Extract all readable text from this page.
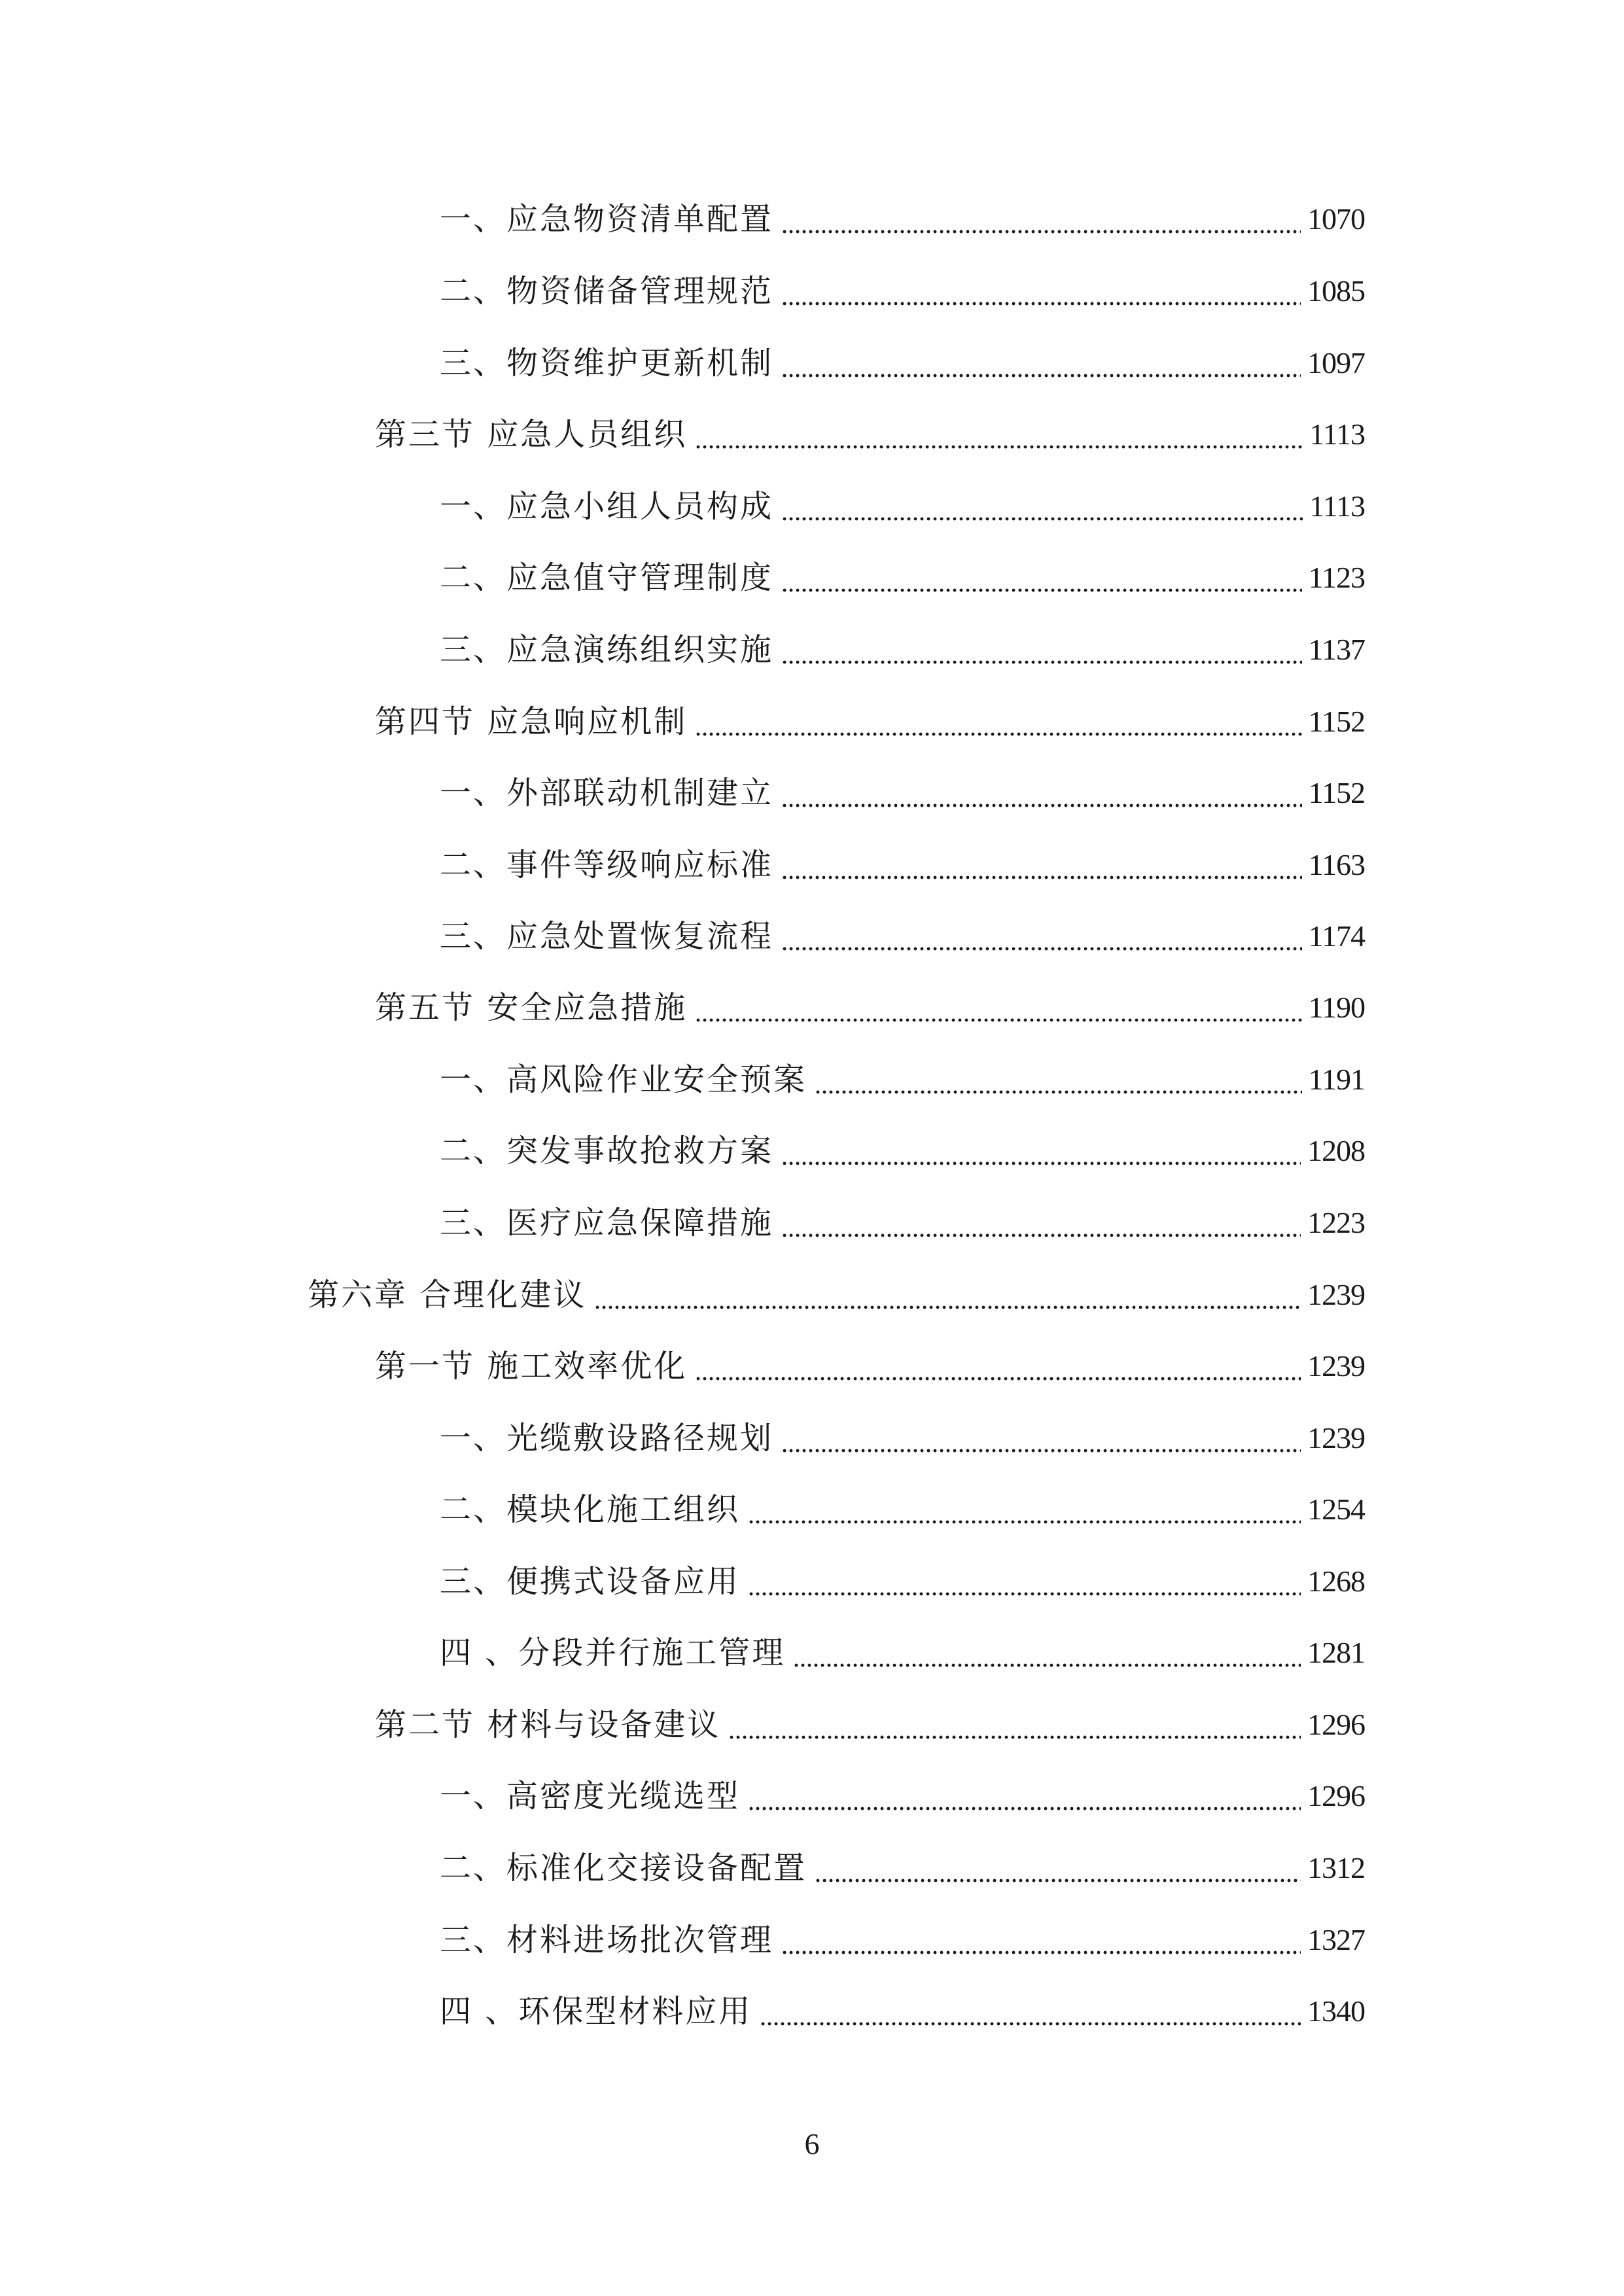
一、应急物资清单配置	1070
二、物资储备管理规范	1085
三、物资维护更新机制	1097
第三节 应急人员组织	1113
一、应急小组人员构成	1113
二、应急值守管理制度	1123
三、应急演练组织实施	1137
第四节 应急响应机制	1152
一、外部联动机制建立	1152
二、事件等级响应标准	1163
三、应急处置恢复流程	1174
第五节 安全应急措施	1190
一、高风险作业安全预案	1191
二、突发事故抢救方案	1208
三、医疗应急保障措施	1223
第六章 合理化建议	1239
第一节 施工效率优化	1239
一、光缆敷设路径规划	1239
二、模块化施工组织	1254
三、便携式设备应用	1268
四 、分段并行施工管理	1281
第二节 材料与设备建议	1296
一、高密度光缆选型	1296
二、标准化交接设备配置	1312
三、材料进场批次管理	1327
四 、环保型材料应用	1340
6
